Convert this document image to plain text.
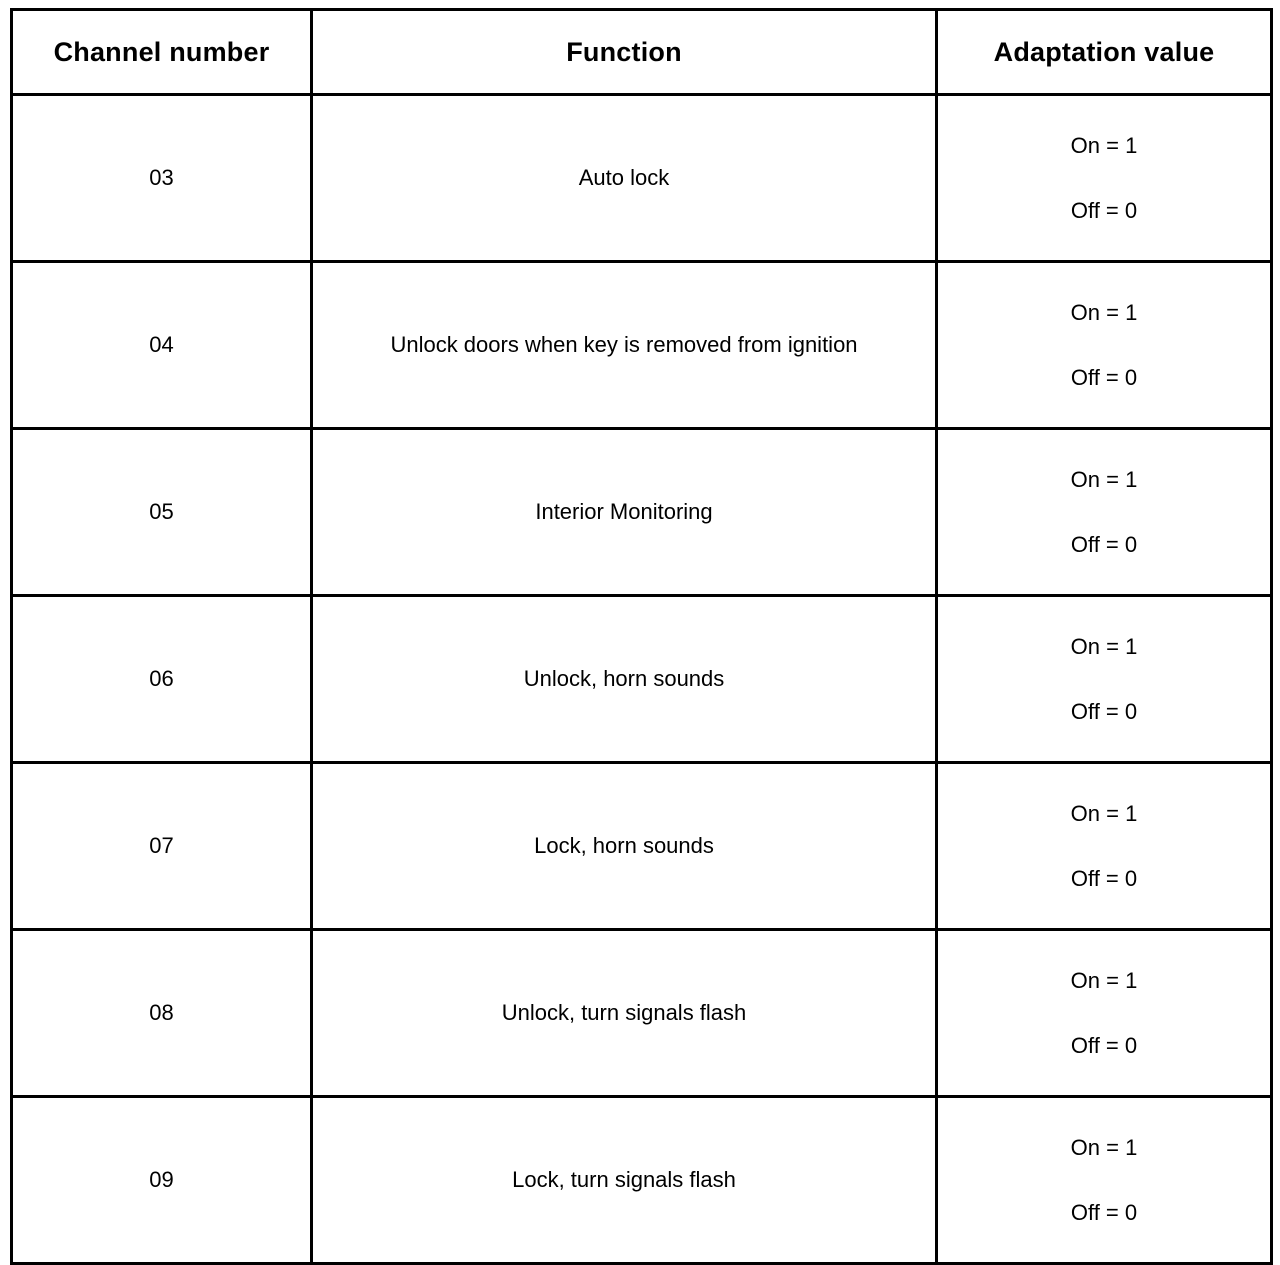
Channel number	Function	Adaptation value
03	Auto lock	On = 1
Off = 0

04	Unlock doors when key is removed from ignition	On = 1
Off = 0

05	Interior Monitoring	On = 1
Off = 0

06	Unlock, horn sounds	On = 1
Off = 0

07	Lock, horn sounds	On = 1
Off = 0

08	Unlock, turn signals flash	On = 1
Off = 0

09	Lock, turn signals flash	On = 1
Off = 0
